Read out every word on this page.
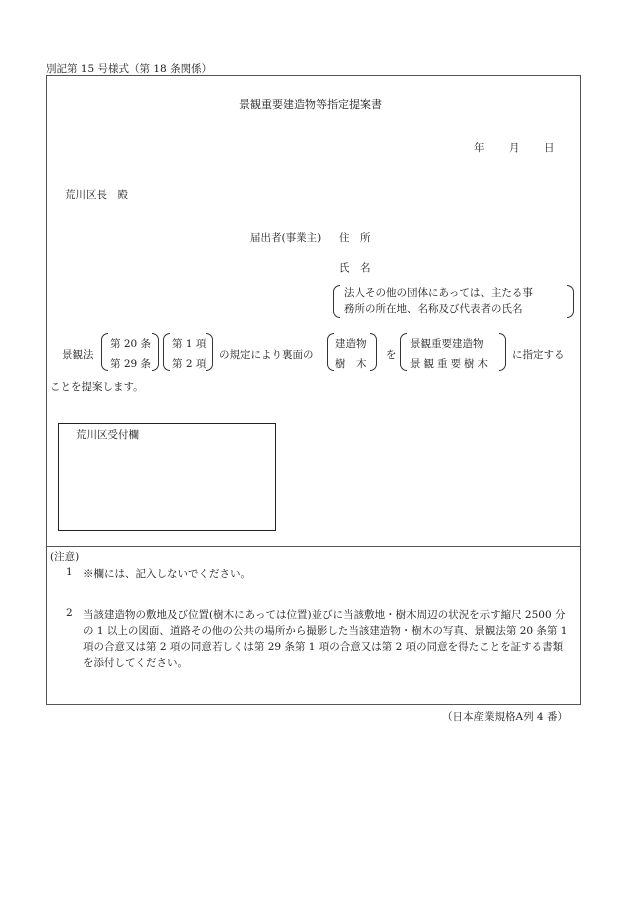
別記第 15 号様式（第 18 条関係）
景観重要建造物等指定提案書
年 月 日
荒川区長　殿
届出者(事業主) 住　所
氏　名
法人その他の団体にあっては、主たる事
務所の所在地、名称及び代表者の氏名
景観法
第 20 条
第 29 条
第 1 項
第 2 項
の規定により裏面の
建造物
樹　木
を
景観重要建造物
景観重要樹木
に指定する
ことを提案します。
荒川区受付欄
(注意)
1 ※欄には、記入しないでください。
2 当該建造物の敷地及び位置(樹木にあっては位置)並びに当該敷地・樹木周辺の状況を示す縮尺 2500 分の 1 以上の図面、道路その他の公共の場所から撮影した当該建造物・樹木の写真、景観法第 20 条第 1 項の合意又は第 2 項の同意若しくは第 29 条第 1 項の合意又は第 2 項の同意を得たことを証する書類を添付してください。
（日本産業規格A列 4 番）
